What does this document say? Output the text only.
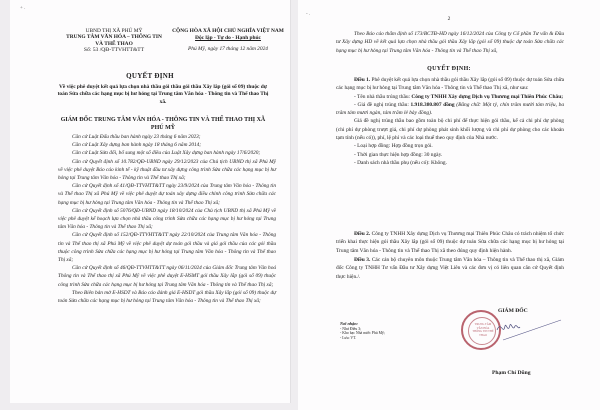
+ .
UBND THỊ XÃ PHÚ MỸ
TRUNG TÂM VĂN HÓA – THÔNG TIN
VÀ THỂ THAO
Số: 53 /QĐ-TTVHTT&TT
CỘNG HÒA XÃ HỘI CHỦ NGHĨA VIỆT NAM
Độc lập - Tự do - Hạnh phúc
Phú Mỹ, ngày 17 tháng 12 năm 2024
QUYẾT ĐỊNH
Về việc phê duyệt kết quả lựa chọn nhà thầu gói thầu gói thầu Xây lắp (gói số 09) thuộc dự toán Sửa chữa các hạng mục bị hư hỏng tại Trung tâm Văn hóa - Thông tin và Thể thao Thị xã.
GIÁM ĐỐC TRUNG TÂM VĂN HÓA - THÔNG TIN VÀ THỂ THAO THỊ XÃ PHÚ MỸ

Căn cứ Luật Đấu thầu ban hành ngày 23 tháng 6 năm 2023;

Căn cứ Luật Xây dựng ban hành ngày 18 tháng 6 năm 2014;

Căn cứ Luật Sửa đổi, bổ sung một số điều của Luật Xây dựng ban hành ngày 17/6/2020;

Căn cứ Quyết định số 10.782/QĐ-UBND ngày 29/12/2023 của Chủ tịch UBND thị xã Phú Mỹ về việc phê duyệt Báo cáo kinh tế - kỹ thuật đầu tư xây dựng công trình Sửa chữa các hạng mục bị hư hỏng tại Trung tâm Văn hóa - Thông tin và Thể thao Thị xã;

Căn cứ Quyết định số 41/QĐ-TTVHTT&TT ngày 23/9/2024 của Trung tâm Văn hóa - Thông tin và Thể thao Thị xã Phú Mỹ về việc phê duyệt dự toán xây dựng điều chỉnh công trình Sửa chữa các hạng mục bị hư hỏng tại Trung tâm Văn hóa - Thông tin và Thể thao Thị xã;

Căn cứ Quyết định số 5076/QĐ-UBND ngày 18/10/2024 của Chủ tịch UBND thị xã Phú Mỹ về việc phê duyệt kế hoạch lựa chọn nhà thầu công trình Sửa chữa các hạng mục bị hư hỏng tại Trung tâm Văn hóa - Thông tin và Thể thao Thị xã;

Căn cứ Quyết định số 152/QĐ-TTVHTT&TT ngày 22/10/2024 của Trung tâm Văn hóa - Thông tin và Thể thao thị xã Phú Mỹ về việc phê duyệt dự toán gói thầu và giá gói thầu của các gói thầu thuộc công trình Sửa chữa các hạng mục bị hư hỏng tại Trung tâm Văn hóa - Thông tin và Thể thao Thị xã;

Căn cứ Quyết định số 46/QĐ-TTVHTT&TT ngày 06/11/2024 của Giám đốc Trung tâm Văn hoá Thông tin và Thể thao thị xã Phú Mỹ về việc phê duyệt E-HSMT gói thầu Xây lắp (gói số 09) thuộc công trình Sửa chữa các hạng mục bị hư hỏng tại Trung tâm Văn hóa - Thông tin và Thể thao Thị xã;

Theo Biên bản mở E-HSDT và Báo cáo đánh giá E-HSDT gói thầu Xây lắp (gói số 09) thuộc dự toán Sửa chữa các hạng mục bị hư hỏng tại Trung tâm Văn hóa - Thông tin và Thể thao Thị xã;

- .
2

Theo Báo cáo thẩm định số 173/BCTĐ-HD ngày 16/12/2024 của Công ty Cổ phần Tư vấn & Đầu tư Xây dựng HD về kết quả lựa chọn nhà thầu gói thầu Xây lắp (gói số 09) thuộc dự toán Sửa chữa các hạng mục bị hư hỏng tại Trung tâm Văn hóa - Thông tin và Thể thao Thị xã,

QUYẾT ĐỊNH:

Điều 1. Phê duyệt kết quả lựa chọn nhà thầu gói thầu Xây lắp (gói số 09) thuộc dự toán Sửa chữa các hạng mục bị hư hỏng tại Trung tâm Văn hóa - Thông tin và Thể thao Thị xã, như sau:

- Tên nhà thầu trúng thầu: Công ty TNHH Xây dựng Dịch vụ Thương mại Thiên Phúc Châu;

- Giá đề nghị trúng thầu: 1.918.380.807 đồng (Bằng chữ: Một tỷ, chín trăm mười tám triệu, ba trăm tám mươi ngàn, tám trăm lẻ bảy đồng).

Giá đề nghị trúng thầu bao gồm toàn bộ chi phí để thực hiện gói thầu, kể cả chi phí dự phòng (chi phí dự phòng trượt giá, chi phí dự phòng phát sinh khối lượng và chi phí dự phòng cho các khoản tạm tính (nếu có)), phí, lệ phí và các loại thuế theo quy định của Nhà nước.

- Loại hợp đồng: Hợp đồng trọn gói.

- Thời gian thực hiện hợp đồng: 30 ngày.

- Danh sách nhà thầu phụ (nếu có): Không.

Điều 2. Công ty TNHH Xây dựng Dịch vụ Thương mại Thiên Phúc Châu có trách nhiệm tổ chức triển khai thực hiện gói thầu Xây lắp (gói số 09) thuộc dự toán Sửa chữa các hạng mục bị hư hỏng tại Trung tâm Văn hóa - Thông tin và Thể thao Thị xã theo đúng quy định hiện hành.

Điều 3. Các cán bộ chuyên môn thuộc Trung tâm Văn hóa – Thông tin và Thể thao thị xã, Giám đốc Công ty TNHH Tư vấn Đầu tư Xây dựng Việt Liên và các đơn vị có liên quan căn cứ Quyết định thực hiện./.

Nơi nhận:
- Như Điều 3;
- Kho bạc Nhà nước Phú Mỹ;
- Lưu: VT.
TRUNG TÂM VĂN HÓA THÔNG TIN THỂ THAO
GIÁM ĐỐC
Phạm Chí Dũng
